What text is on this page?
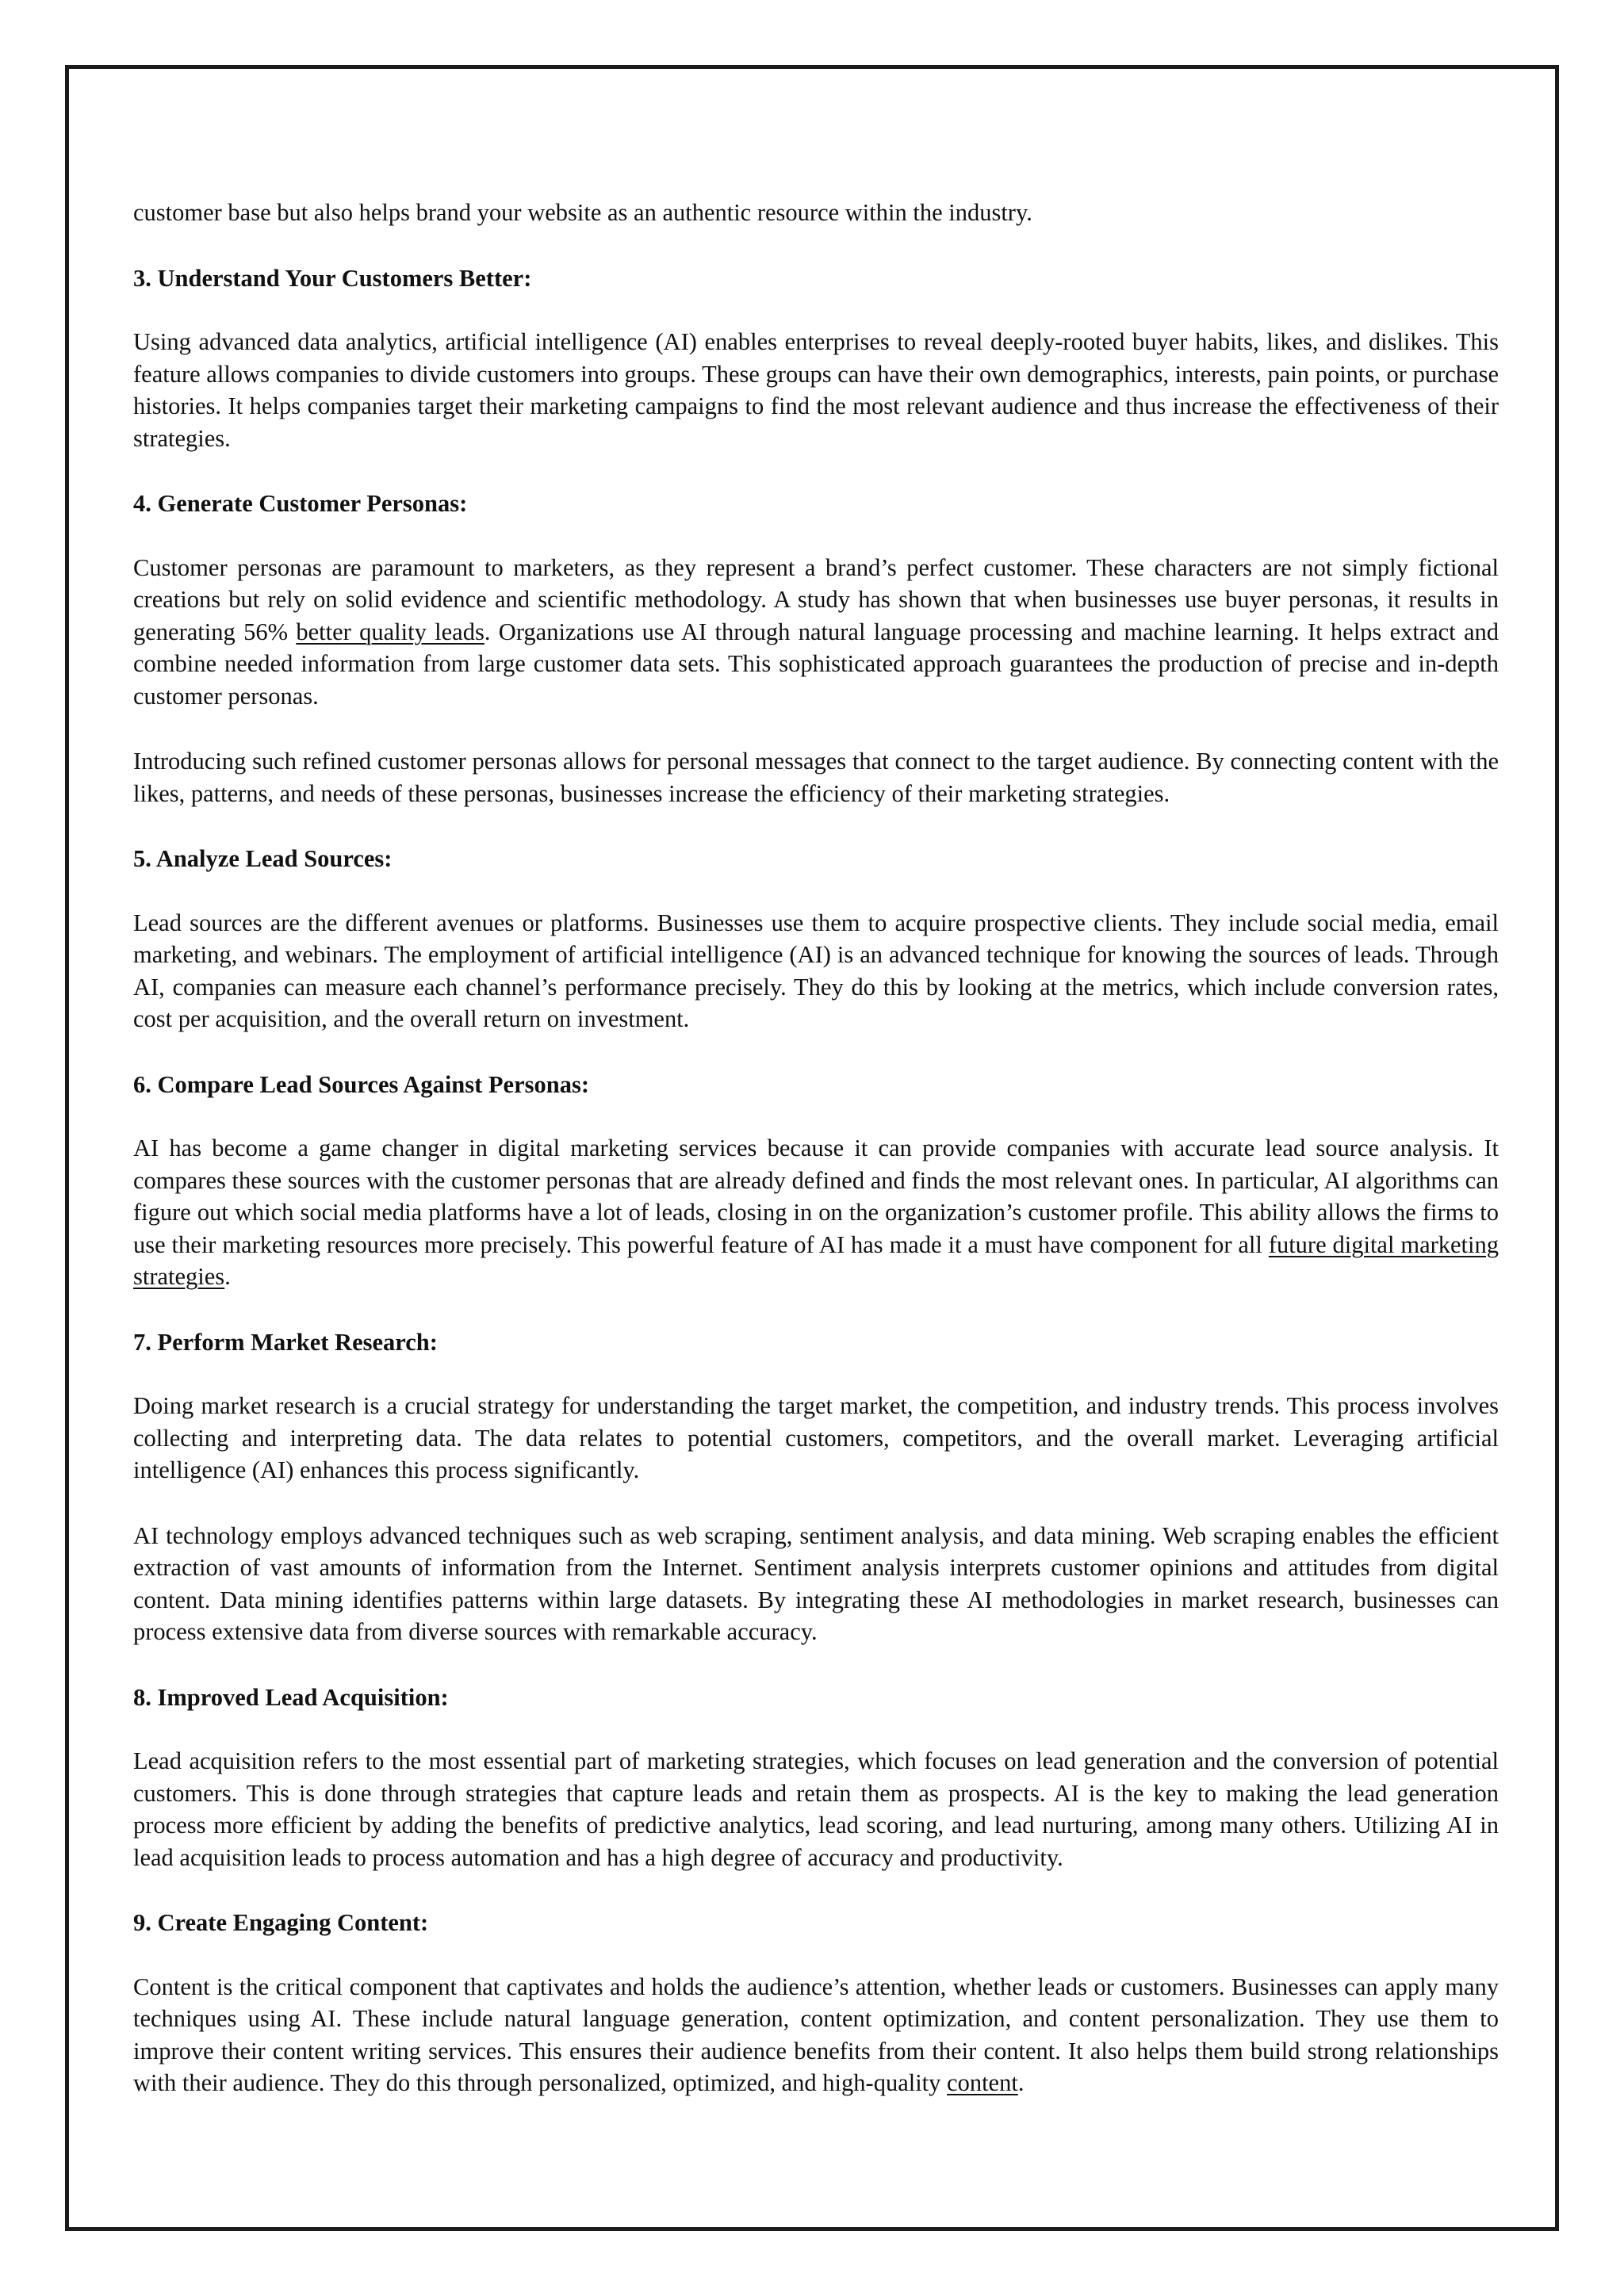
customer base but also helps brand your website as an authentic resource within the industry.

3. Understand Your Customers Better:

Using advanced data analytics, artificial intelligence (AI) enables enterprises to reveal deeply-rooted buyer habits, likes, and dislikes. This feature allows companies to divide customers into groups. These groups can have their own demographics, interests, pain points, or purchase histories. It helps companies target their marketing campaigns to find the most relevant audience and thus increase the effectiveness of their strategies.

4. Generate Customer Personas:

Customer personas are paramount to marketers, as they represent a brand’s perfect customer. These characters are not simply fictional creations but rely on solid evidence and scientific methodology. A study has shown that when businesses use buyer personas, it results in generating 56% better quality leads. Organizations use AI through natural language processing and machine learning. It helps extract and combine needed information from large customer data sets. This sophisticated approach guarantees the production of precise and in-depth customer personas.

Introducing such refined customer personas allows for personal messages that connect to the target audience. By connecting content with the likes, patterns, and needs of these personas, businesses increase the efficiency of their marketing strategies.

5. Analyze Lead Sources:

Lead sources are the different avenues or platforms. Businesses use them to acquire prospective clients. They include social media, email marketing, and webinars. The employment of artificial intelligence (AI) is an advanced technique for knowing the sources of leads. Through AI, companies can measure each channel’s performance precisely. They do this by looking at the metrics, which include conversion rates, cost per acquisition, and the overall return on investment.

6. Compare Lead Sources Against Personas:

AI has become a game changer in digital marketing services because it can provide companies with accurate lead source analysis. It compares these sources with the customer personas that are already defined and finds the most relevant ones. In particular, AI algorithms can figure out which social media platforms have a lot of leads, closing in on the organization’s customer profile. This ability allows the firms to use their marketing resources more precisely. This powerful feature of AI has made it a must have component for all future digital marketing strategies.

7. Perform Market Research:

Doing market research is a crucial strategy for understanding the target market, the competition, and industry trends. This process involves collecting and interpreting data. The data relates to potential customers, competitors, and the overall market. Leveraging artificial intelligence (AI) enhances this process significantly.

AI technology employs advanced techniques such as web scraping, sentiment analysis, and data mining. Web scraping enables the efficient extraction of vast amounts of information from the Internet. Sentiment analysis interprets customer opinions and attitudes from digital content. Data mining identifies patterns within large datasets. By integrating these AI methodologies in market research, businesses can process extensive data from diverse sources with remarkable accuracy.

8. Improved Lead Acquisition:

Lead acquisition refers to the most essential part of marketing strategies, which focuses on lead generation and the conversion of potential customers. This is done through strategies that capture leads and retain them as prospects. AI is the key to making the lead generation process more efficient by adding the benefits of predictive analytics, lead scoring, and lead nurturing, among many others. Utilizing AI in lead acquisition leads to process automation and has a high degree of accuracy and productivity.

9. Create Engaging Content:

Content is the critical component that captivates and holds the audience’s attention, whether leads or customers. Businesses can apply many techniques using AI. These include natural language generation, content optimization, and content personalization. They use them to improve their content writing services. This ensures their audience benefits from their content. It also helps them build strong relationships with their audience. They do this through personalized, optimized, and high-quality content.
